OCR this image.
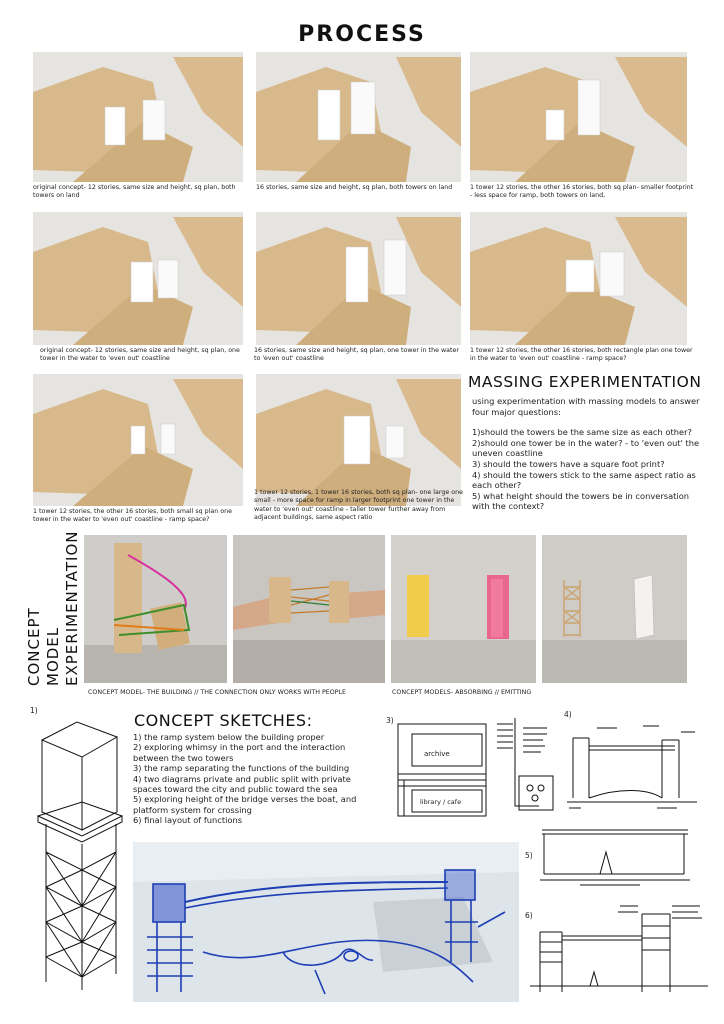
PROCESS
original concept- 12 stories, same size and height, sq plan, both towers on land
16 stories, same size and height, sq plan, both towers on land	1 tower 12 stories, the other 16 stories, both sq plan- smaller footprint - less space for ramp, both towers on land,
original concept- 12 stories, same size and height, sq plan, one tower in the water to 'even out' coastline
16 stories, same size and height, sq plan, one tower in the water to 'even out' coastline
1 tower 12 stories, the other 16 stories, both rectangle plan one tower in the water to 'even out' coastline - ramp space?
1 tower 12 stories, the other 16 stories, both small sq plan one tower in the water to 'even out' coastline - ramp space?
1 tower 12 stories, 1 tower 16 stories, both sq plan- one large one small - more space for ramp in larger footprint one tower in the water to 'even out' coastline - taller tower further away from adjacent buildings, same aspect ratio
MASSING EXPERIMENTATION

using experimentation with massing models to answer four major questions:

1)should the towers be the same size as each other?

2)should one tower be in the water? - to 'even out' the uneven coastline

3) should the towers have a square foot print?

4) should the towers stick to the same aspect ratio as each other?

5) what height should the towers be in conversation with the context?

CONCEPT MODEL EXPERIMENTATION
CONCEPT MODEL- THE BUILDING // THE CONNECTION ONLY WORKS WITH PEOPLE	CONCEPT MODELS- ABSORBING // EMITTING
1)
CONCEPT SKETCHES:

1) the ramp system below the building proper

2) exploring whimsy in the port and the interaction between the two towers

3) the ramp separating the functions of the building

4) two diagrams private and public split with private spaces toward the city and public toward the sea

5) exploring height of the bridge verses the boat, and platform system for crossing

6) final layout of functions

3)
archive
library / cafe
4)
5)
6)
